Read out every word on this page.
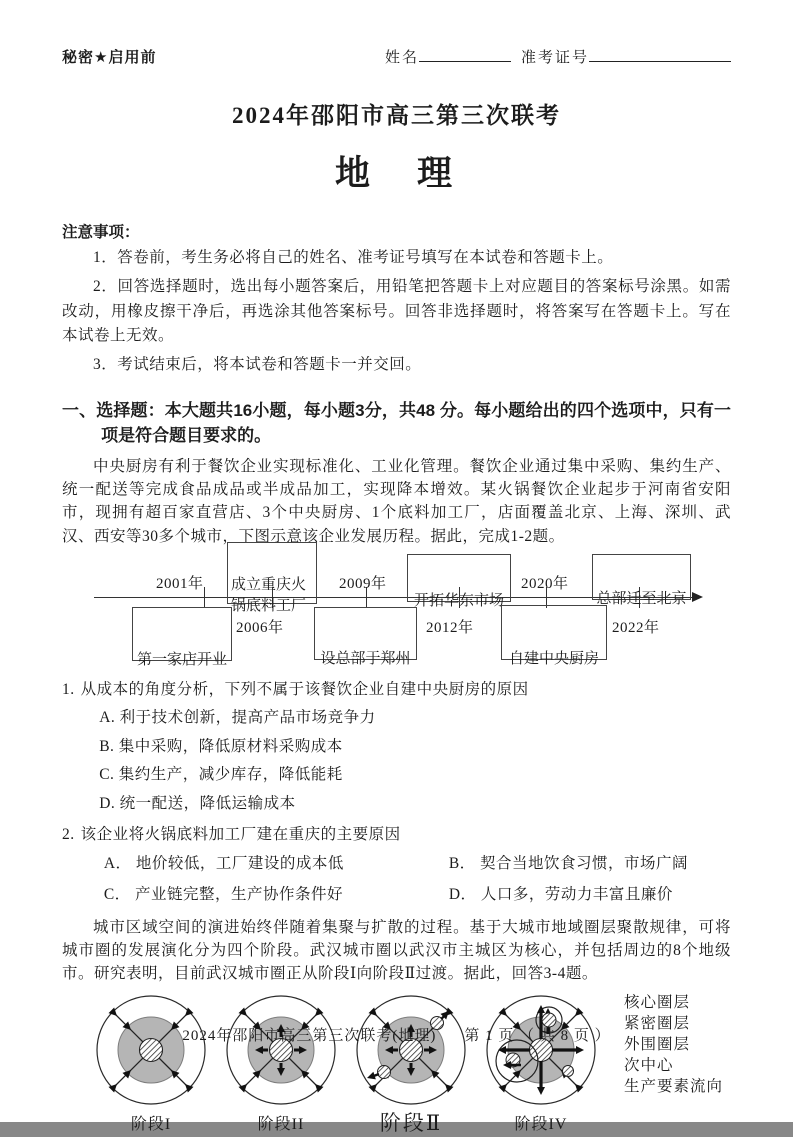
秘密★启用前	姓名	准考证号
2024年邵阳市高三第三次联考
地　理
注意事项：

1．答卷前，考生务必将自己的姓名、准考证号填写在本试卷和答题卡上。

2．回答选择题时，选出每小题答案后，用铅笔把答题卡上对应题目的答案标号涂黑。如需改动，用橡皮擦干净后，再选涂其他答案标号。回答非选择题时，将答案写在答题卡上。写在本试卷上无效。

3．考试结束后，将本试卷和答题卡一并交回。

一、选择题：本大题共16小题，每小题3分，共48 分。每小题给出的四个选项中，只有一项是符合题目要求的。

中央厨房有利于餐饮企业实现标准化、工业化管理。餐饮企业通过集中采购、集约生产、统一配送等完成食品成品或半成品加工，实现降本增效。某火锅餐饮企业起步于河南省安阳市，现拥有超百家直营店、3个中央厨房、1个底料加工厂，店面覆盖北京、上海、深圳、武汉、西安等30多个城市，下图示意该企业发展历程。据此，完成1-2题。

2001年
2006年
2009年
2012年
2020年
2022年
第一家店开业
成立重庆火锅底料工厂
设总部于郑州
开拓华东市场
自建中央厨房
总部迁至北京
1. 从成本的角度分析，下列不属于该餐饮企业自建中央厨房的原因
A. 利于技术创新，提高产品市场竞争力
B. 集中采购，降低原材料采购成本
C. 集约生产，减少库存，降低能耗
D. 统一配送，降低运输成本
2. 该企业将火锅底料加工厂建在重庆的主要原因
A． 地价较低，工厂建设的成本低	B． 契合当地饮食习惯，市场广阔
C． 产业链完整，生产协作条件好	D． 人口多，劳动力丰富且廉价

城市区域空间的演进始终伴随着集聚与扩散的过程。基于大城市地域圈层聚散规律，可将城市圈的发展演化分为四个阶段。武汉城市圈以武汉市主城区为核心，并包括周边的8个地级市。研究表明，目前武汉城市圈正从阶段Ⅰ向阶段Ⅱ过渡。据此，回答3-4题。

阶段I	阶段II	阶段Ⅱ	阶段IV
核心圈层
紧密圈层
外围圈层
次中心
生产要素流向
2024年邵阳市高三第三次联考(地理) 第 1 页 （ 共 8 页 ）
